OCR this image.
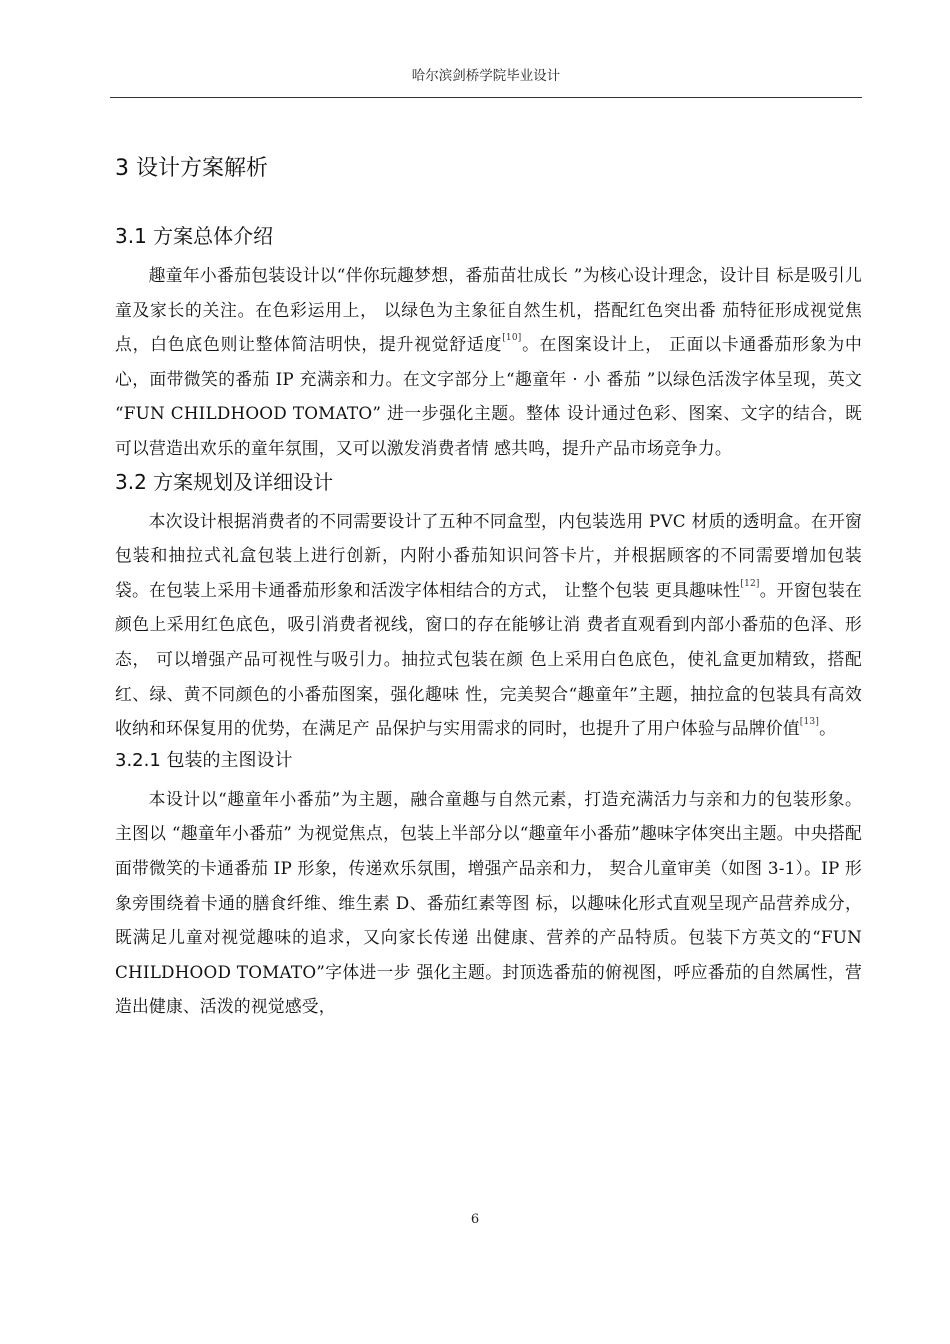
哈尔滨剑桥学院毕业设计
3 设计方案解析
3.1 方案总体介绍

趣童年小番茄包装设计以“伴你玩趣梦想，番茄苗壮成长 ”为核心设计理念，设计目 标是吸引儿童及家长的关注。在色彩运用上， 以绿色为主象征自然生机，搭配红色突出番 茄特征形成视觉焦点，白色底色则让整体简洁明快，提升视觉舒适度[10]。在图案设计上， 正面以卡通番茄形象为中心，面带微笑的番茄 IP 充满亲和力。在文字部分上“趣童年 · 小 番茄 ”以绿色活泼字体呈现，英文 “FUN CHILDHOOD TOMATO” 进一步强化主题。整体 设计通过色彩、图案、文字的结合，既可以营造出欢乐的童年氛围，又可以激发消费者情 感共鸣，提升产品市场竞争力。

3.2 方案规划及详细设计

本次设计根据消费者的不同需要设计了五种不同盒型，内包装选用 PVC 材质的透明盒。在开窗包装和抽拉式礼盒包装上进行创新，内附小番茄知识问答卡片，并根据顾客的不同需要增加包装袋。在包装上采用卡通番茄形象和活泼字体相结合的方式， 让整个包装 更具趣味性[12]。开窗包装在颜色上采用红色底色，吸引消费者视线，窗口的存在能够让消 费者直观看到内部小番茄的色泽、形态， 可以增强产品可视性与吸引力。抽拉式包装在颜 色上采用白色底色，使礼盒更加精致，搭配红、绿、黄不同颜色的小番茄图案，强化趣味 性，完美契合“趣童年”主题，抽拉盒的包装具有高效收纳和环保复用的优势，在满足产 品保护与实用需求的同时，也提升了用户体验与品牌价值[13]。

3.2.1 包装的主图设计

本设计以“趣童年小番茄”为主题，融合童趣与自然元素，打造充满活力与亲和力的包装形象。主图以 “趣童年小番茄” 为视觉焦点，包装上半部分以“趣童年小番茄”趣味字体突出主题。中央搭配面带微笑的卡通番茄 IP 形象，传递欢乐氛围，增强产品亲和力， 契合儿童审美（如图 3-1）。IP 形象旁围绕着卡通的膳食纤维、维生素 D、番茄红素等图 标，以趣味化形式直观呈现产品营养成分，既满足儿童对视觉趣味的追求，又向家长传递 出健康、营养的产品特质。包装下方英文的“FUN CHILDHOOD TOMATO”字体进一步 强化主题。封顶选番茄的俯视图，呼应番茄的自然属性，营造出健康、活泼的视觉感受，

6
